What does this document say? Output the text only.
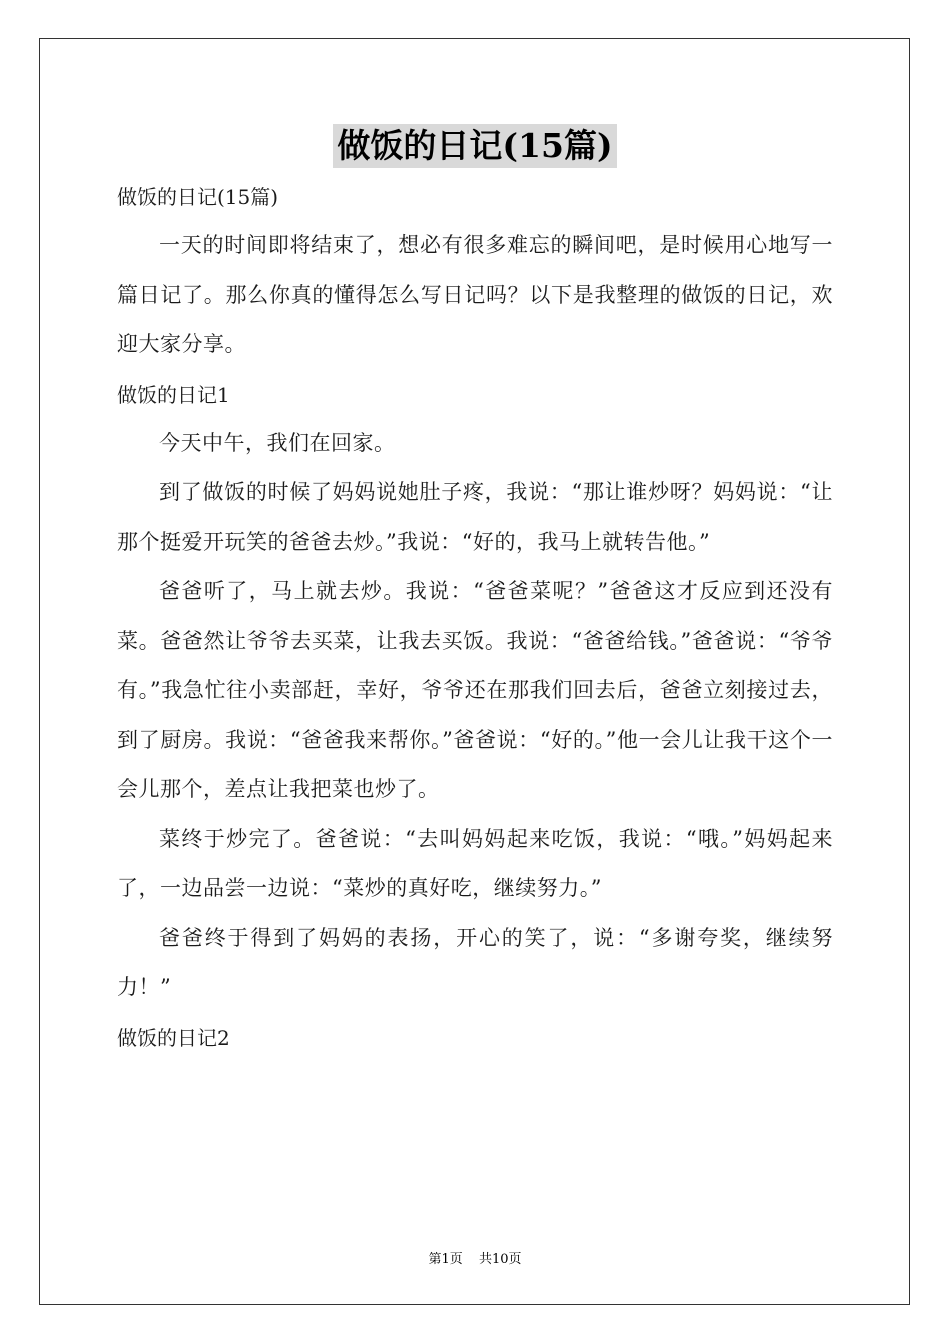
做饭的日记(15篇)

做饭的日记(15篇)

一天的时间即将结束了，想必有很多难忘的瞬间吧，是时候用心地写一篇日记了。那么你真的懂得怎么写日记吗？以下是我整理的做饭的日记，欢迎大家分享。

做饭的日记1

今天中午，我们在回家。

到了做饭的时候了妈妈说她肚子疼，我说：“那让谁炒呀？妈妈说：“让那个挺爱开玩笑的爸爸去炒。”我说：“好的，我马上就转告他。”

爸爸听了，马上就去炒。我说：“爸爸菜呢？”爸爸这才反应到还没有菜。爸爸然让爷爷去买菜，让我去买饭。我说：“爸爸给钱。”爸爸说：“爷爷有。”我急忙往小卖部赶，幸好，爷爷还在那我们回去后，爸爸立刻接过去，到了厨房。我说：“爸爸我来帮你。”爸爸说：“好的。”他一会儿让我干这个一会儿那个，差点让我把菜也炒了。

菜终于炒完了。爸爸说：“去叫妈妈起来吃饭，我说：“哦。”妈妈起来了，一边品尝一边说：“菜炒的真好吃，继续努力。”

爸爸终于得到了妈妈的表扬，开心的笑了，说：“多谢夸奖，继续努力！”

做饭的日记2

第1页 共10页
